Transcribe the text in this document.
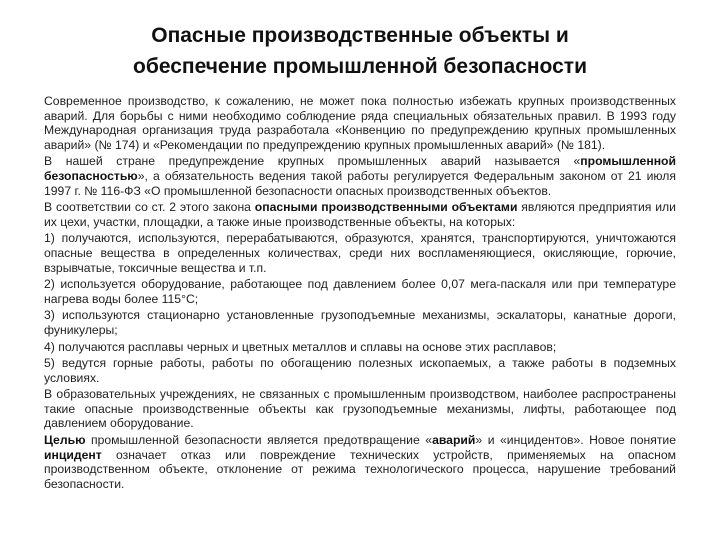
Опасные производственные объекты и
обеспечение промышленной безопасности

Современное производство, к сожалению, не может пока полностью избежать крупных производственных аварий. Для борьбы с ними необходимо соблюдение ряда специальных обязательных правил. В 1993 году Международная организация труда разработала «Конвенцию по предупреждению крупных промышленных аварий» (№ 174) и «Рекомендации по предупреждению крупных промышленных аварий» (№ 181).

В нашей стране предупреждение крупных промышленных аварий называется «промышленной безопасностью», а обязательность ведения такой работы регулируется Федеральным законом от 21 июля 1997 г. № 116-ФЗ «О промышленной безопасности опасных производственных объектов.

В соответствии со ст. 2 этого закона опасными производственными объектами являются предприятия или их цехи, участки, площадки, а также иные производственные объекты, на которых:

1) получаются, используются, перерабатываются, образуются, хранятся, транспортируются, уничтожаются опасные вещества в определенных количествах, среди них воспламеняющиеся, окисляющие, горючие, взрывчатые, токсичные вещества и т.п.

2) используется оборудование, работающее под давлением более 0,07 мега-паскаля или при температуре нагрева воды более 115°С;

3) используются стационарно установленные грузоподъемные механизмы, эскалаторы, канатные дороги, фуникулеры;

4) получаются расплавы черных и цветных металлов и сплавы на основе этих расплавов;

5) ведутся горные работы, работы по обогащению полезных ископаемых, а также работы в подземных условиях.

В образовательных учреждениях, не связанных с промышленным производством, наиболее распространены такие опасные производственные объекты как грузоподъемные механизмы, лифты, работающее под давлением оборудование.

Целью промышленной безопасности является предотвращение «аварий» и «инцидентов». Новое понятие инцидент означает отказ или повреждение технических устройств, применяемых на опасном производственном объекте, отклонение от режима технологического процесса, нарушение требований безопасности.
